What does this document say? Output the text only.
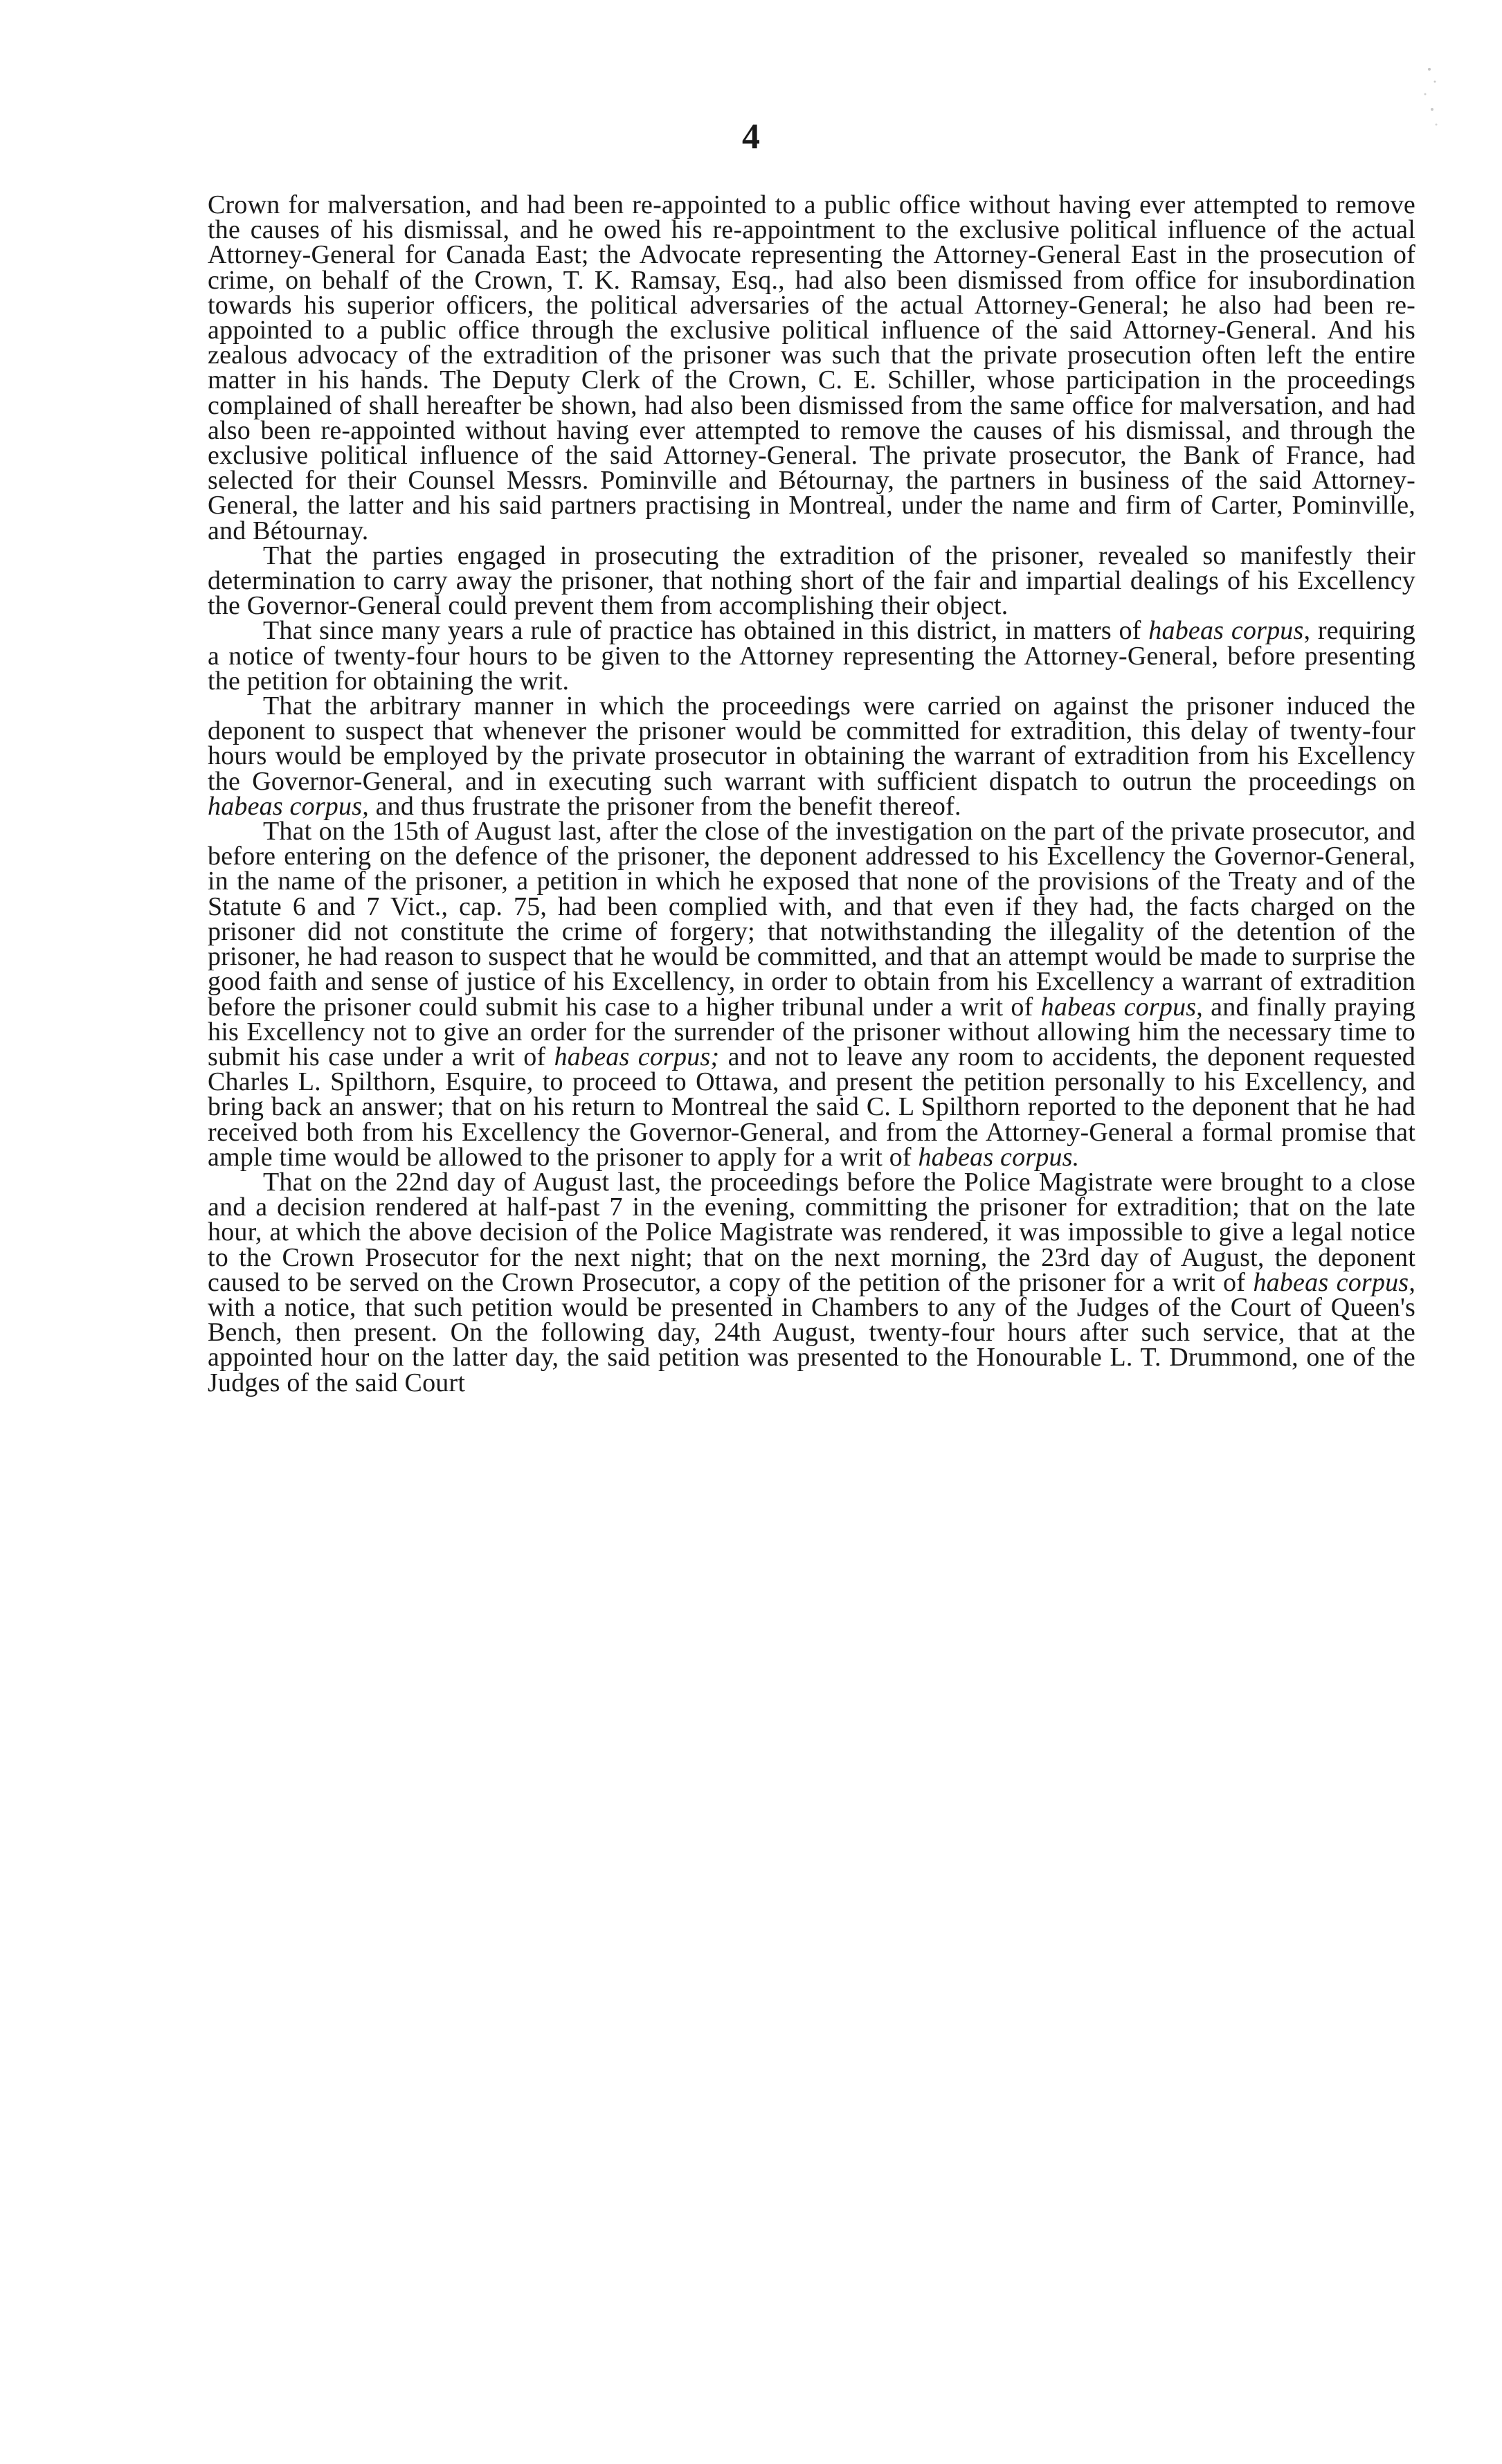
4

Crown for malversation, and had been re-appointed to a public office without having ever attempted to remove the causes of his dismissal, and he owed his re-appointment to the exclusive political influence of the actual Attorney-General for Canada East; the Advocate representing the Attorney-General East in the prosecution of crime, on behalf of the Crown, T. K. Ramsay, Esq., had also been dismissed from office for insubordination towards his superior officers, the political adversaries of the actual Attorney-General; he also had been re-appointed to a public office through the exclusive political influence of the said Attorney-General. And his zealous advocacy of the extradition of the prisoner was such that the private prosecution often left the entire matter in his hands. The Deputy Clerk of the Crown, C. E. Schiller, whose participation in the proceedings complained of shall hereafter be shown, had also been dismissed from the same office for malversation, and had also been re-appointed without having ever attempted to remove the causes of his dismissal, and through the exclusive political influence of the said Attorney-General. The private prosecutor, the Bank of France, had selected for their Counsel Messrs. Pominville and Bétournay, the partners in business of the said Attorney-General, the latter and his said partners practising in Montreal, under the name and firm of Carter, Pominville, and Bétournay.

That the parties engaged in prosecuting the extradition of the prisoner, revealed so manifestly their determination to carry away the prisoner, that nothing short of the fair and impartial dealings of his Excellency the Governor-General could prevent them from accomplishing their object.

That since many years a rule of practice has obtained in this district, in matters of habeas corpus, requiring a notice of twenty-four hours to be given to the Attorney representing the Attorney-General, before presenting the petition for obtaining the writ.

That the arbitrary manner in which the proceedings were carried on against the prisoner induced the deponent to suspect that whenever the prisoner would be committed for extradition, this delay of twenty-four hours would be employed by the private prosecutor in obtaining the warrant of extradition from his Excellency the Governor-General, and in executing such warrant with sufficient dispatch to outrun the proceedings on habeas corpus, and thus frustrate the prisoner from the benefit thereof.

That on the 15th of August last, after the close of the investigation on the part of the private prosecutor, and before entering on the defence of the prisoner, the deponent addressed to his Excellency the Governor-General, in the name of the prisoner, a petition in which he exposed that none of the provisions of the Treaty and of the Statute 6 and 7 Vict., cap. 75, had been complied with, and that even if they had, the facts charged on the prisoner did not constitute the crime of forgery; that notwithstanding the illegality of the detention of the prisoner, he had reason to suspect that he would be committed, and that an attempt would be made to surprise the good faith and sense of justice of his Excellency, in order to obtain from his Excellency a warrant of extradition before the prisoner could submit his case to a higher tribunal under a writ of habeas corpus, and finally praying his Excellency not to give an order for the surrender of the prisoner without allowing him the necessary time to submit his case under a writ of habeas corpus; and not to leave any room to accidents, the deponent requested Charles L. Spilthorn, Esquire, to proceed to Ottawa, and present the petition personally to his Excellency, and bring back an answer; that on his return to Montreal the said C. L Spilthorn reported to the deponent that he had received both from his Excellency the Governor-General, and from the Attorney-General a formal promise that ample time would be allowed to the prisoner to apply for a writ of habeas corpus.

That on the 22nd day of August last, the proceedings before the Police Magistrate were brought to a close and a decision rendered at half-past 7 in the evening, committing the prisoner for extradition; that on the late hour, at which the above decision of the Police Magistrate was rendered, it was impossible to give a legal notice to the Crown Prosecutor for the next night; that on the next morning, the 23rd day of August, the deponent caused to be served on the Crown Prosecutor, a copy of the petition of the prisoner for a writ of habeas corpus, with a notice, that such petition would be presented in Chambers to any of the Judges of the Court of Queen's Bench, then present. On the following day, 24th August, twenty-four hours after such service, that at the appointed hour on the latter day, the said petition was presented to the Honourable L. T. Drummond, one of the Judges of the said Court
